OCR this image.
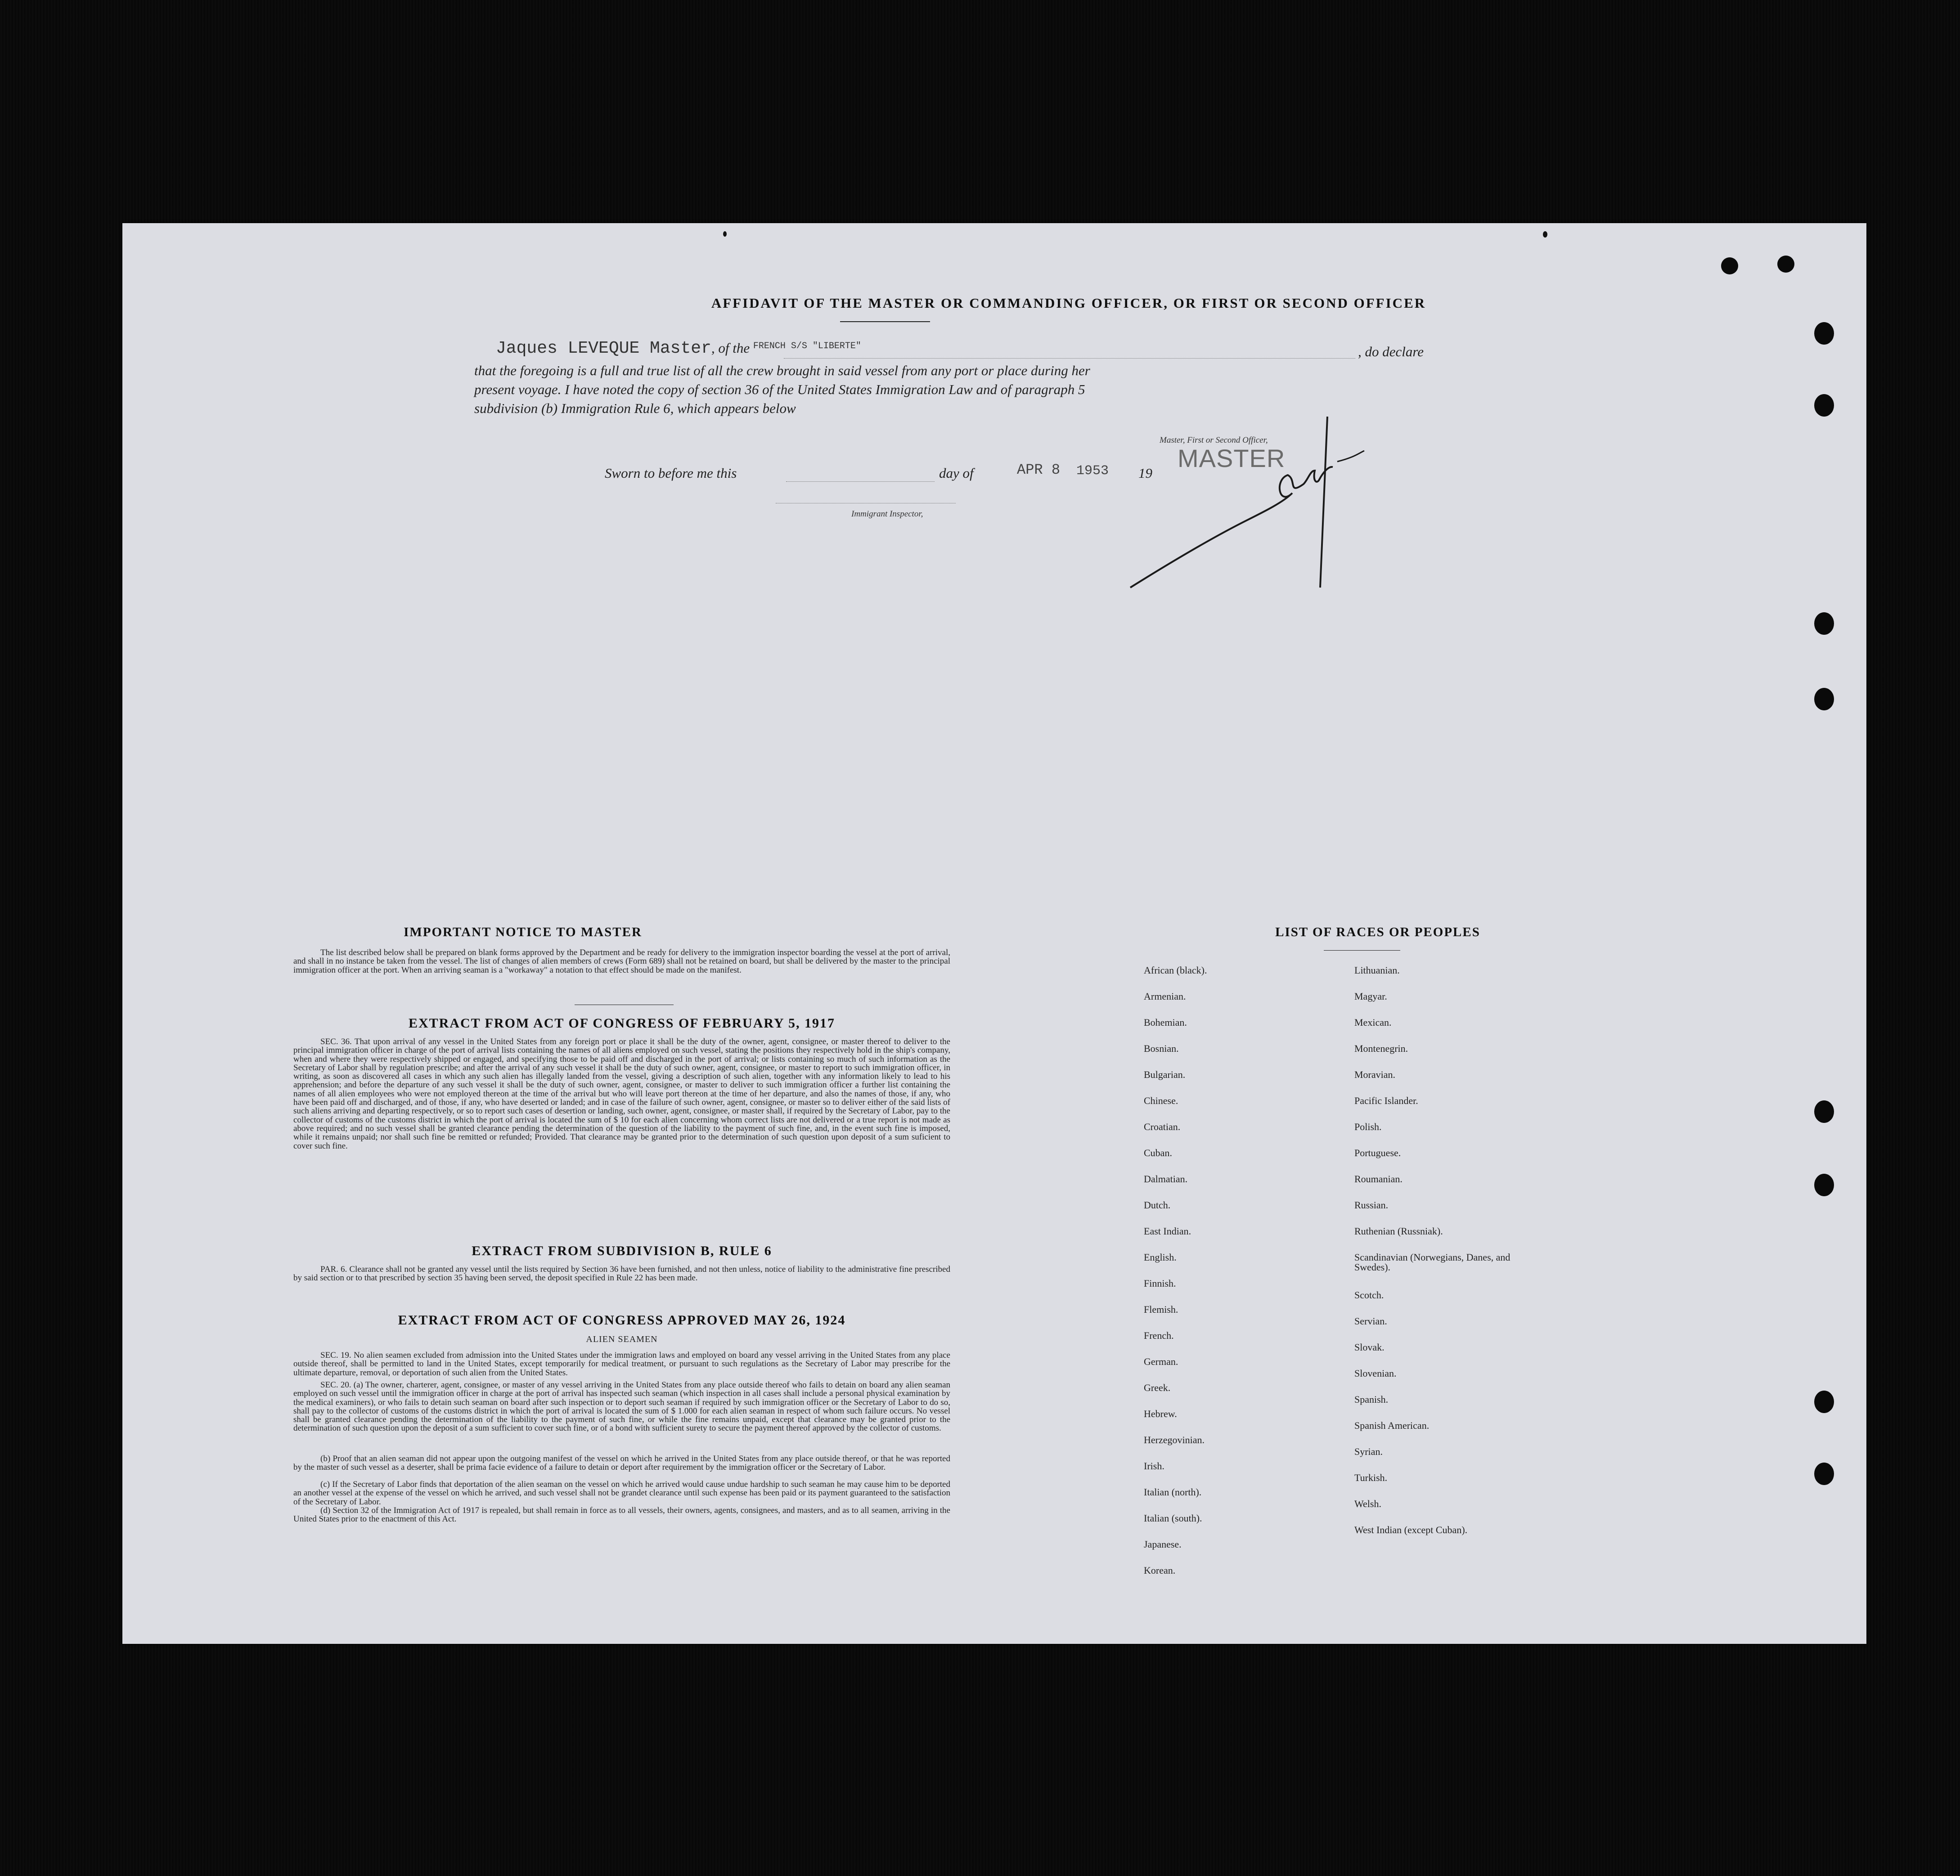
AFFIDAVIT OF THE MASTER OR COMMANDING OFFICER, OR FIRST OR SECOND OFFICER
Jaques LEVEQUE Master, of the $^{FRENCH S/S "LIBERTE"}$	, do declare
that the foregoing is a full and true list of all the crew brought in said vessel from any port or place during her
present voyage. I have noted the copy of section 36 of the United States Immigration Law and of paragraph 5
subdivision (b) Immigration Rule 6, which appears below
Master, First or Second Officer,
MASTER
Sworn to before me this	day of	APR 8 1953 19
Immigrant Inspector,
IMPORTANT NOTICE TO MASTER
The list described below shall be prepared on blank forms approved by the Department and be ready for delivery to the immigration inspector boarding the vessel at the port of arrival, and shall in no instance be taken from the vessel. The list of changes of alien members of crews (Form 689) shall not be retained on board, but shall be delivered by the master to the principal immigration officer at the port. When an arriving seaman is a "workaway" a notation to that effect should be made on the manifest.
EXTRACT FROM ACT OF CONGRESS OF FEBRUARY 5, 1917
SEC. 36. That upon arrival of any vessel in the United States from any foreign port or place it shall be the duty of the owner, agent, consignee, or master thereof to deliver to the principal immigration officer in charge of the port of arrival lists containing the names of all aliens employed on such vessel, stating the positions they respectively hold in the ship's company, when and where they were respectively shipped or engaged, and specifying those to be paid off and discharged in the port of arrival; or lists containing so much of such information as the Secretary of Labor shall by regulation prescribe; and after the arrival of any such vessel it shall be the duty of such owner, agent, consignee, or master to report to such immigration officer, in writing, as soon as discovered all cases in which any such alien has illegally landed from the vessel, giving a description of such alien, together with any information likely to lead to his apprehension; and before the departure of any such vessel it shall be the duty of such owner, agent, consignee, or master to deliver to such immigration officer a further list containing the names of all alien employees who were not employed thereon at the time of the arrival but who will leave port thereon at the time of her departure, and also the names of those, if any, who have been paid off and discharged, and of those, if any, who have deserted or landed; and in case of the failure of such owner, agent, consignee, or master so to deliver either of the said lists of such aliens arriving and departing respectively, or so to report such cases of desertion or landing, such owner, agent, consignee, or master shall, if required by the Secretary of Labor, pay to the collector of customs of the customs district in which the port of arrival is located the sum of $ 10 for each alien concerning whom correct lists are not delivered or a true report is not made as above required; and no such vessel shall be granted clearance pending the determination of the question of the liability to the payment of such fine, and, in the event such fine is imposed, while it remains unpaid; nor shall such fine be remitted or refunded; Provided. That clearance may be granted prior to the determination of such question upon deposit of a sum suficient to cover such fine.
EXTRACT FROM SUBDIVISION B, RULE 6
PAR. 6. Clearance shall not be granted any vessel until the lists required by Section 36 have been furnished, and not then unless, notice of liability to the administrative fine prescribed by said section or to that prescribed by section 35 having been served, the deposit specified in Rule 22 has been made.
EXTRACT FROM ACT OF CONGRESS APPROVED MAY 26, 1924
ALIEN SEAMEN
SEC. 19. No alien seamen excluded from admission into the United States under the immigration laws and employed on board any vessel arriving in the United States from any place outside thereof, shall be permitted to land in the United States, except temporarily for medical treatment, or pursuant to such regulations as the Secretary of Labor may prescribe for the ultimate departure, removal, or deportation of such alien from the United States.
SEC. 20. (a) The owner, charterer, agent, consignee, or master of any vessel arriving in the United States from any place outside thereof who fails to detain on board any alien seaman employed on such vessel until the immigration officer in charge at the port of arrival has inspected such seaman (which inspection in all cases shall include a personal physical examination by the medical examiners), or who fails to detain such seaman on board after such inspection or to deport such seaman if required by such immigration officer or the Secretary of Labor to do so, shall pay to the collector of customs of the customs district in which the port of arrival is located the sum of $ 1.000 for each alien seaman in respect of whom such failure occurs. No vessel shall be granted clearance pending the determination of the liability to the payment of such fine, or while the fine remains unpaid, except that clearance may be granted prior to the determination of such question upon the deposit of a sum sufficient to cover such fine, or of a bond with sufficient surety to secure the payment thereof approved by the collector of customs.
(b) Proof that an alien seaman did not appear upon the outgoing manifest of the vessel on which he arrived in the United States from any place outside thereof, or that he was reported by the master of such vessel as a deserter, shall be prima facie evidence of a failure to detain or deport after requirement by the immigration officer or the Secretary of Labor.
(c) If the Secretary of Labor finds that deportation of the alien seaman on the vessel on which he arrived would cause undue hardship to such seaman he may cause him to be deported an another vessel at the expense of the vessel on which he arrived, and such vessel shall not be grandet clearance until such expense has been paid or its payment guaranteed to the satisfaction of the Secretary of Labor.
(d) Section 32 of the Immigration Act of 1917 is repealed, but shall remain in force as to all vessels, their owners, agents, consignees, and masters, and as to all seamen, arriving in the United States prior to the enactment of this Act.
LIST OF RACES OR PEOPLES
African (black).
Armenian.
Bohemian.
Bosnian.
Bulgarian.
Chinese.
Croatian.
Cuban.
Dalmatian.
Dutch.
East Indian.
English.
Finnish.
Flemish.
French.
German.
Greek.
Hebrew.
Herzegovinian.
Irish.
Italian (north).
Italian (south).
Japanese.
Korean.
Lithuanian.
Magyar.
Mexican.
Montenegrin.
Moravian.
Pacific Islander.
Polish.
Portuguese.
Roumanian.
Russian.
Ruthenian (Russniak).
Scandinavian (Norwegians, Danes, and Swedes).
Scotch.
Servian.
Slovak.
Slovenian.
Spanish.
Spanish American.
Syrian.
Turkish.
Welsh.
West Indian (except Cuban).
